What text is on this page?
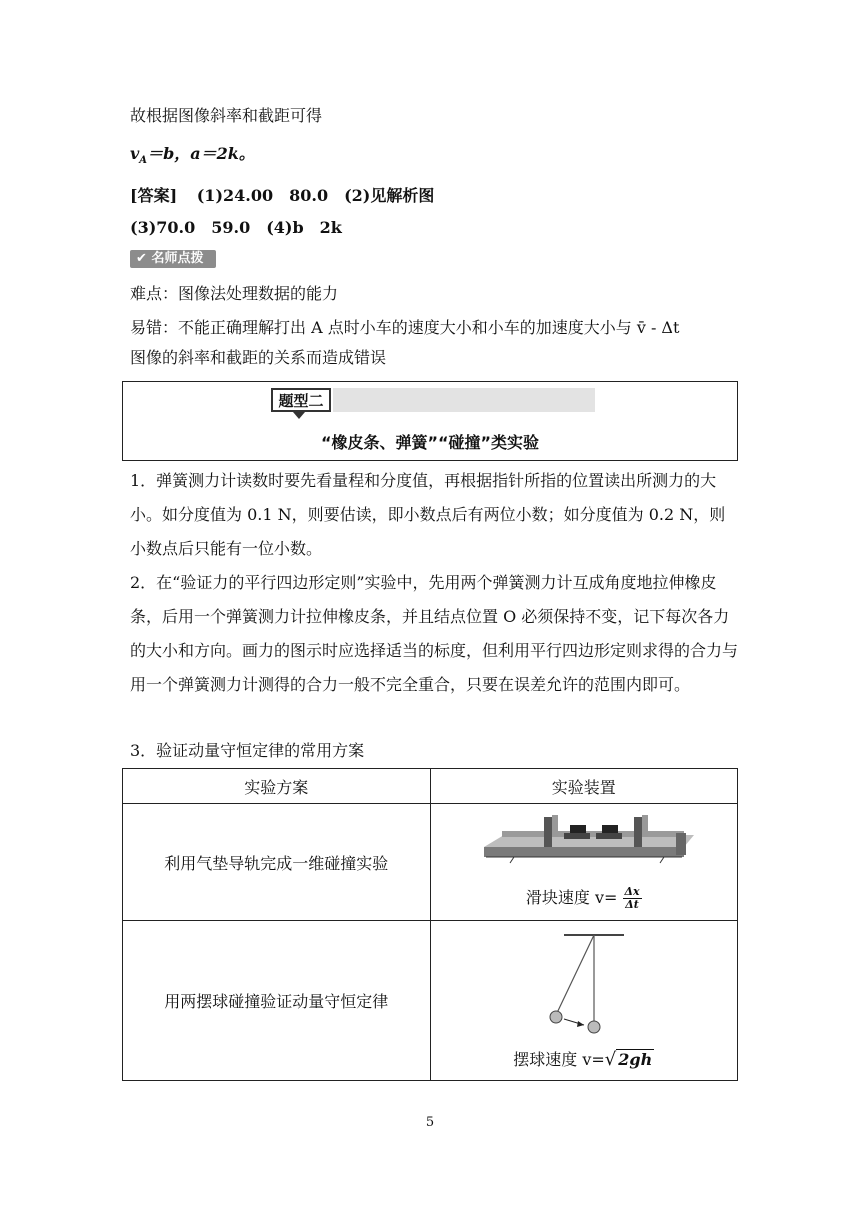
故根据图像斜率和截距可得
$v_A=b$，a＝2k。
[答案] (1)24.00　80.0　(2)见解析图
(3)70.0　59.0　(4)b　2k
✔ 名师点拨
难点：图像法处理数据的能力
易错：不能正确理解打出 A 点时小车的速度大小和小车的加速度大小与 v̄ - Δt
图像的斜率和截距的关系而造成错误
题型二
“橡皮条、弹簧”“碰撞”类实验
1．弹簧测力计读数时要先看量程和分度值，再根据指针所指的位置读出所测力的大小。如分度值为 0.1 N，则要估读，即小数点后有两位小数；如分度值为 0.2 N，则小数点后只能有一位小数。
2．在“验证力的平行四边形定则”实验中，先用两个弹簧测力计互成角度地拉伸橡皮条，后用一个弹簧测力计拉伸橡皮条，并且结点位置 O 必须保持不变，记下每次各力的大小和方向。画力的图示时应选择适当的标度，但利用平行四边形定则求得的合力与用一个弹簧测力计测得的合力一般不完全重合，只要在误差允许的范围内即可。
3．验证动量守恒定律的常用方案
实验方案	实验装置
利用气垫导轨完成一维碰撞实验	滑块速度 $v= \frac{\Delta x}{\Delta t}$

用两摆球碰撞验证动量守恒定律	摆球速度 v=√ 2gh
5
